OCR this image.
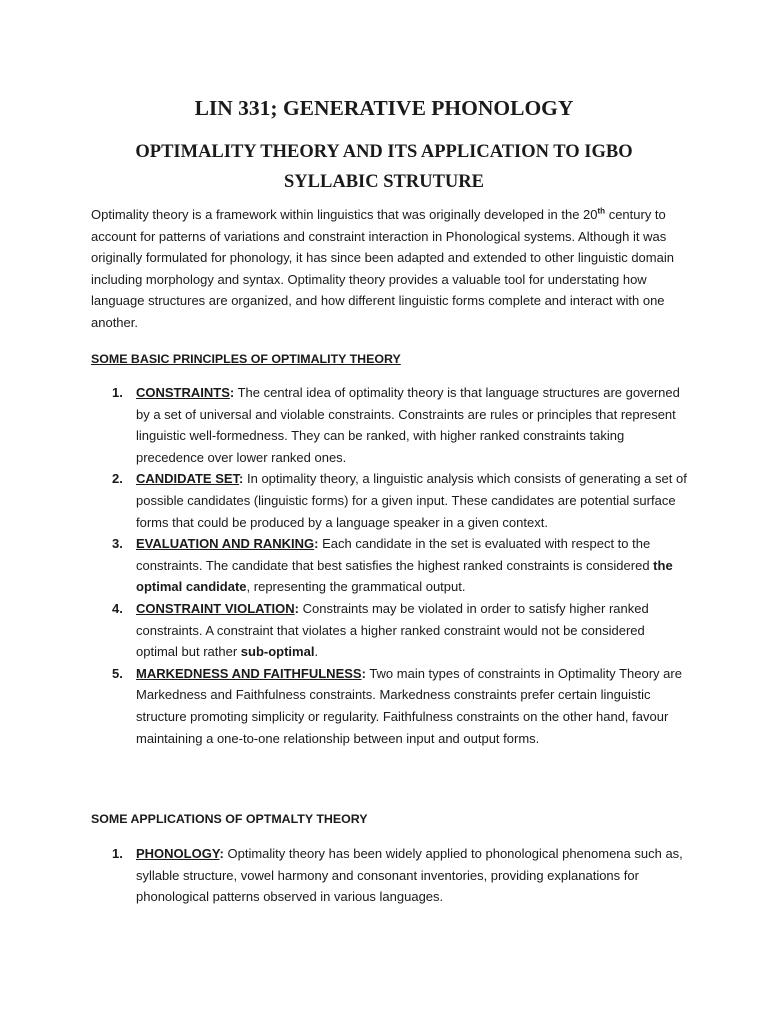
LIN 331; GENERATIVE PHONOLOGY
OPTIMALITY THEORY AND ITS APPLICATION TO IGBO SYLLABIC STRUTURE

Optimality theory is a framework within linguistics that was originally developed in the 20th century to account for patterns of variations and constraint interaction in Phonological systems. Although it was originally formulated for phonology, it has since been adapted and extended to other linguistic domain including morphology and syntax. Optimality theory provides a valuable tool for understating how language structures are organized, and how different linguistic forms complete and interact with one another.

SOME BASIC PRINCIPLES OF OPTIMALITY THEORY
1. CONSTRAINTS: The central idea of optimality theory is that language structures are governed by a set of universal and violable constraints. Constraints are rules or principles that represent linguistic well-formedness. They can be ranked, with higher ranked constraints taking precedence over lower ranked ones.
2. CANDIDATE SET: In optimality theory, a linguistic analysis which consists of generating a set of possible candidates (linguistic forms) for a given input. These candidates are potential surface forms that could be produced by a language speaker in a given context.
3. EVALUATION AND RANKING: Each candidate in the set is evaluated with respect to the constraints. The candidate that best satisfies the highest ranked constraints is considered the optimal candidate, representing the grammatical output.
4. CONSTRAINT VIOLATION: Constraints may be violated in order to satisfy higher ranked constraints. A constraint that violates a higher ranked constraint would not be considered optimal but rather sub-optimal.
5. MARKEDNESS AND FAITHFULNESS: Two main types of constraints in Optimality Theory are Markedness and Faithfulness constraints. Markedness constraints prefer certain linguistic structure promoting simplicity or regularity. Faithfulness constraints on the other hand, favour maintaining a one-to-one relationship between input and output forms.
SOME APPLICATIONS OF OPTMALTY THEORY
1. PHONOLOGY: Optimality theory has been widely applied to phonological phenomena such as, syllable structure, vowel harmony and consonant inventories, providing explanations for phonological patterns observed in various languages.
